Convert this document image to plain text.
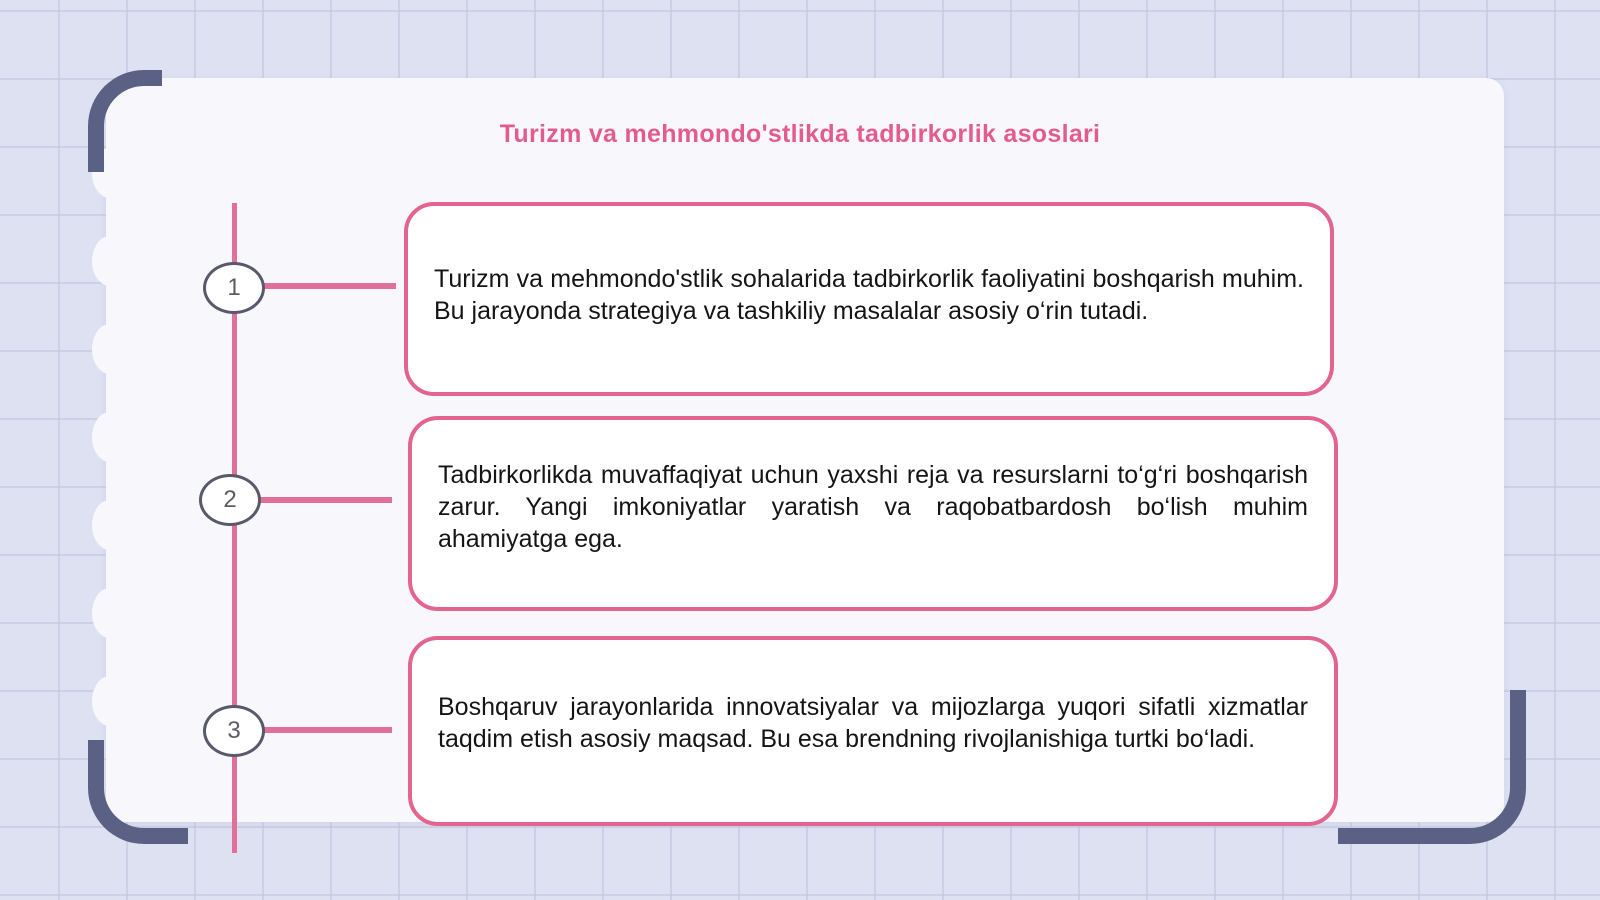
Turizm va mehmondo'stlikda tadbirkorlik asoslari
1
2
3
Turizm va mehmondo'stlik sohalarida tadbirkorlik faoliyatini boshqarish muhim. Bu jarayonda strategiya va tashkiliy masalalar asosiy o‘rin tutadi.
Tadbirkorlikda muvaffaqiyat uchun yaxshi reja va resurslarni to‘g‘ri boshqarish zarur. Yangi imkoniyatlar yaratish va raqobatbardosh bo‘lish muhim ahamiyatga ega.
Boshqaruv jarayonlarida innovatsiyalar va mijozlarga yuqori sifatli xizmatlar taqdim etish asosiy maqsad. Bu esa brendning rivojlanishiga turtki bo‘ladi.
